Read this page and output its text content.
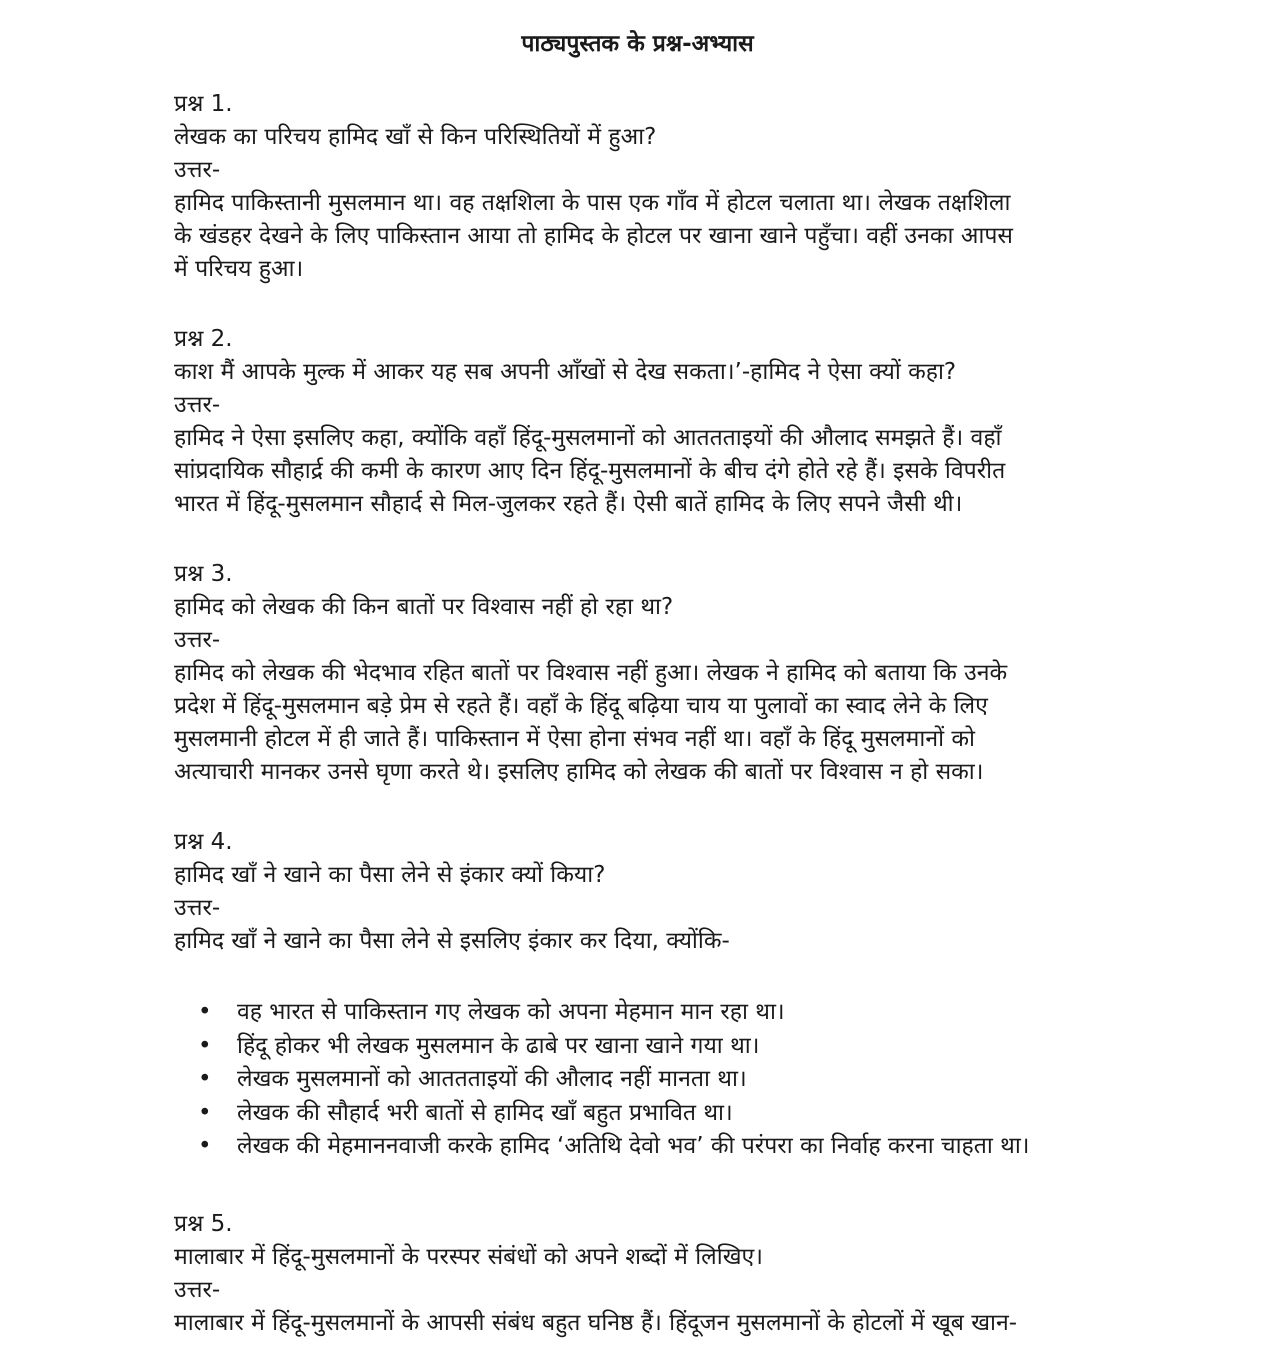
पाठ्यपुस्तक के प्रश्न-अभ्यास
प्रश्न 1.
लेखक का परिचय हामिद खाँ से किन परिस्थितियों में हुआ?
उत्तर-
हामिद पाकिस्तानी मुसलमान था। वह तक्षशिला के पास एक गाँव में होटल चलाता था। लेखक तक्षशिला
के खंडहर देखने के लिए पाकिस्तान आया तो हामिद के होटल पर खाना खाने पहुँचा। वहीं उनका आपस
में परिचय हुआ।
प्रश्न 2.
काश मैं आपके मुल्क में आकर यह सब अपनी आँखों से देख सकता।’-हामिद ने ऐसा क्यों कहा?
उत्तर-
हामिद ने ऐसा इसलिए कहा, क्योंकि वहाँ हिंदू-मुसलमानों को आततताइयों की औलाद समझते हैं। वहाँ
सांप्रदायिक सौहार्द्र की कमी के कारण आए दिन हिंदू-मुसलमानों के बीच दंगे होते रहे हैं। इसके विपरीत
भारत में हिंदू-मुसलमान सौहार्द से मिल-जुलकर रहते हैं। ऐसी बातें हामिद के लिए सपने जैसी थी।
प्रश्न 3.
हामिद को लेखक की किन बातों पर विश्वास नहीं हो रहा था?
उत्तर-
हामिद को लेखक की भेदभाव रहित बातों पर विश्वास नहीं हुआ। लेखक ने हामिद को बताया कि उनके
प्रदेश में हिंदू-मुसलमान बड़े प्रेम से रहते हैं। वहाँ के हिंदू बढ़िया चाय या पुलावों का स्वाद लेने के लिए
मुसलमानी होटल में ही जाते हैं। पाकिस्तान में ऐसा होना संभव नहीं था। वहाँ के हिंदू मुसलमानों को
अत्याचारी मानकर उनसे घृणा करते थे। इसलिए हामिद को लेखक की बातों पर विश्वास न हो सका।
प्रश्न 4.
हामिद खाँ ने खाने का पैसा लेने से इंकार क्यों किया?
उत्तर-
हामिद खाँ ने खाने का पैसा लेने से इसलिए इंकार कर दिया, क्योंकि-
• वह भारत से पाकिस्तान गए लेखक को अपना मेहमान मान रहा था।
• हिंदू होकर भी लेखक मुसलमान के ढाबे पर खाना खाने गया था।
• लेखक मुसलमानों को आततताइयों की औलाद नहीं मानता था।
• लेखक की सौहार्द भरी बातों से हामिद खाँ बहुत प्रभावित था।
• लेखक की मेहमाननवाजी करके हामिद ‘अतिथि देवो भव’ की परंपरा का निर्वाह करना चाहता था।
प्रश्न 5.
मालाबार में हिंदू-मुसलमानों के परस्पर संबंधों को अपने शब्दों में लिखिए।
उत्तर-
मालाबार में हिंदू-मुसलमानों के आपसी संबंध बहुत घनिष्ठ हैं। हिंदूजन मुसलमानों के होटलों में खूब खान-
